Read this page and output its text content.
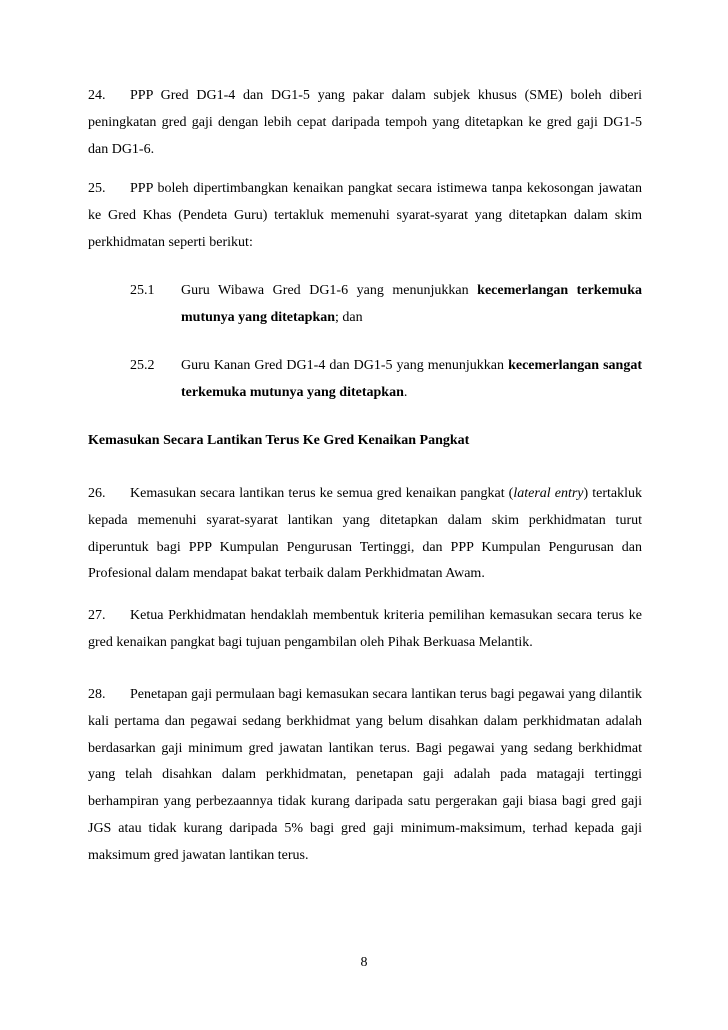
24. PPP Gred DG1-4 dan DG1-5 yang pakar dalam subjek khusus (SME) boleh diberi peningkatan gred gaji dengan lebih cepat daripada tempoh yang ditetapkan ke gred gaji DG1-5 dan DG1-6.

25. PPP boleh dipertimbangkan kenaikan pangkat secara istimewa tanpa kekosongan jawatan ke Gred Khas (Pendeta Guru) tertakluk memenuhi syarat-syarat yang ditetapkan dalam skim perkhidmatan seperti berikut:

25.1	Guru Wibawa Gred DG1-6 yang menunjukkan kecemerlangan terkemuka mutunya yang ditetapkan; dan
25.2	Guru Kanan Gred DG1-4 dan DG1-5 yang menunjukkan kecemerlangan sangat terkemuka mutunya yang ditetapkan.

Kemasukan Secara Lantikan Terus Ke Gred Kenaikan Pangkat

26. Kemasukan secara lantikan terus ke semua gred kenaikan pangkat (lateral entry) tertakluk kepada memenuhi syarat-syarat lantikan yang ditetapkan dalam skim perkhidmatan turut diperuntuk bagi PPP Kumpulan Pengurusan Tertinggi, dan PPP Kumpulan Pengurusan dan Profesional dalam mendapat bakat terbaik dalam Perkhidmatan Awam.

27. Ketua Perkhidmatan hendaklah membentuk kriteria pemilihan kemasukan secara terus ke gred kenaikan pangkat bagi tujuan pengambilan oleh Pihak Berkuasa Melantik.

28. Penetapan gaji permulaan bagi kemasukan secara lantikan terus bagi pegawai yang dilantik kali pertama dan pegawai sedang berkhidmat yang belum disahkan dalam perkhidmatan adalah berdasarkan gaji minimum gred jawatan lantikan terus. Bagi pegawai yang sedang berkhidmat yang telah disahkan dalam perkhidmatan, penetapan gaji adalah pada matagaji tertinggi berhampiran yang perbezaannya tidak kurang daripada satu pergerakan gaji biasa bagi gred gaji JGS atau tidak kurang daripada 5% bagi gred gaji minimum-maksimum, terhad kepada gaji maksimum gred jawatan lantikan terus.

8
